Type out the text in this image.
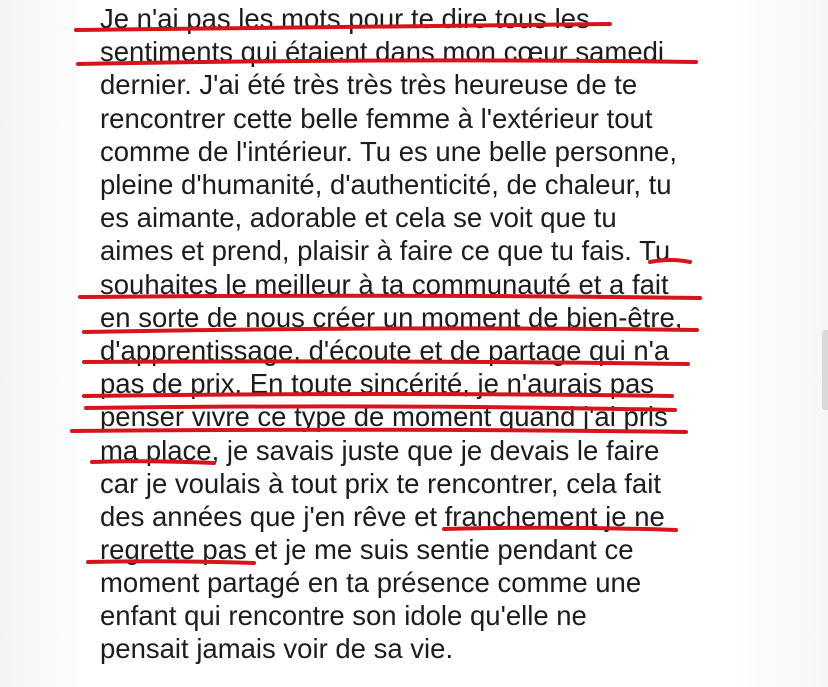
Je n'ai pas les mots pour te dire tous les
sentiments qui étaient dans mon cœur samedi
dernier. J'ai été très très très heureuse de te
rencontrer cette belle femme à l'extérieur tout
comme de l'intérieur. Tu es une belle personne,
pleine d'humanité, d'authenticité, de chaleur, tu
es aimante, adorable et cela se voit que tu
aimes et prend, plaisir à faire ce que tu fais. Tu
souhaites le meilleur à ta communauté et a fait
en sorte de nous créer un moment de bien-être,
d'apprentissage, d'écoute et de partage qui n'a
pas de prix. En toute sincérité, je n'aurais pas
penser vivre ce type de moment quand j'ai pris
ma place, je savais juste que je devais le faire
car je voulais à tout prix te rencontrer, cela fait
des années que j'en rêve et franchement je ne
regrette pas et je me suis sentie pendant ce
moment partagé en ta présence comme une
enfant qui rencontre son idole qu'elle ne
pensait jamais voir de sa vie.
